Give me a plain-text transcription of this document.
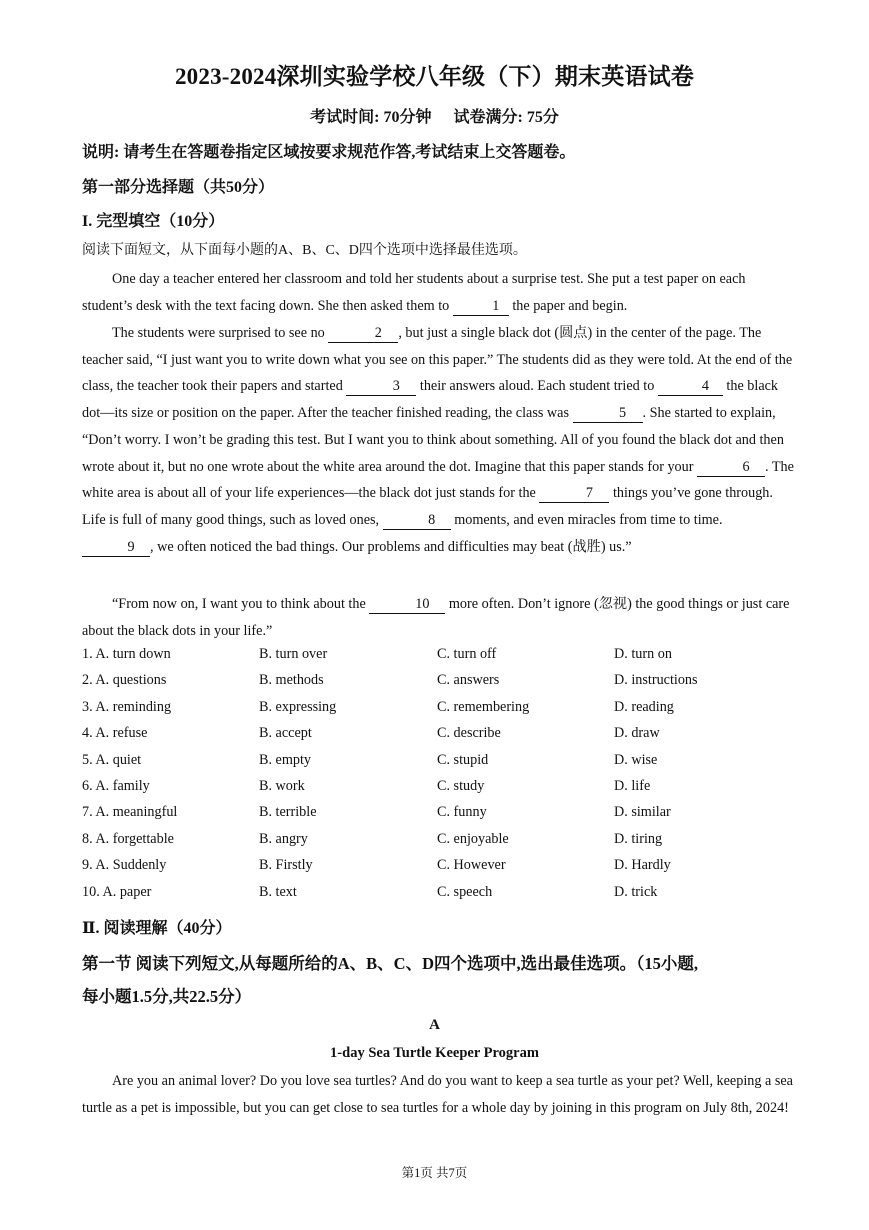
2023-2024深圳实验学校八年级（下）期末英语试卷
考试时间: 70分钟 试卷满分: 75分
说明: 请考生在答题卷指定区域按要求规范作答,考试结束上交答题卷。
第一部分选择题（共50分）
I. 完型填空（10分）
阅读下面短文，从下面每小题的A、B、C、D四个选项中选择最佳选项。
One day a teacher entered her classroom and told her students about a surprise test. She put a test paper on each student’s desk with the text facing down. She then asked them to	1 the paper and begin.
The students were surprised to see no	2 , but just a single black dot (圆点) in the center of the page. The teacher said, “I just want you to write down what you see on this paper.” The students did as they were told. At the end of the class, the teacher took their papers and started	3 their answers aloud. Each student tried to	4 the black dot—its size or position on the paper. After the teacher finished reading, the class was	5 . She started to explain, “Don’t worry. I won’t be grading this test. But I want you to think about something. All of you found the black dot and then wrote about it, but no one wrote about the white area around the dot. Imagine that this paper stands for your	6 . The white area is about all of your life experiences—the black dot just stands for the	7 things you’ve gone through. Life is full of many good things, such as loved ones,	8 moments, and even miracles from time to time. 9 , we often noticed the bad things. Our problems and difficulties may beat (战胜) us.”
“From now on, I want you to think about the	10 more often. Don’t ignore (忽视) the good things or just care about the black dots in your life.”
1. A. turn down	B. turn over	C. turn off	D. turn on
2. A. questions	B. methods	C. answers	D. instructions
3. A. reminding	B. expressing	C. remembering	D. reading
4. A. refuse	B. accept	C. describe	D. draw
5. A. quiet	B. empty	C. stupid	D. wise
6. A. family	B. work	C. study	D. life
7. A. meaningful	B. terrible	C. funny	D. similar
8. A. forgettable	B. angry	C. enjoyable	D. tiring
9. A. Suddenly	B. Firstly	C. However	D. Hardly
10. A. paper	B. text	C. speech	D. trick
Ⅱ. 阅读理解（40分）
第一节 阅读下列短文,从每题所给的A、B、C、D四个选项中,选出最佳选项。（15小题,
每小题1.5分,共22.5分）
A
1-day Sea Turtle Keeper Program
Are you an animal lover? Do you love sea turtles? And do you want to keep a sea turtle as your pet? Well, keeping a sea turtle as a pet is impossible, but you can get close to sea turtles for a whole day by joining in this program on July 8th, 2024!
第1页 共7页
